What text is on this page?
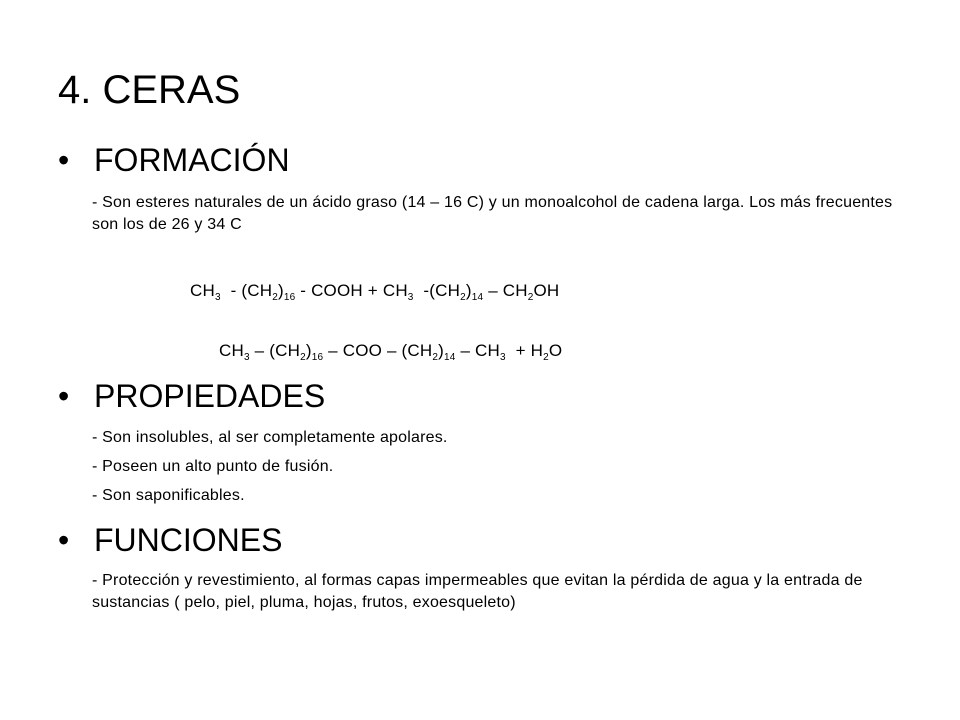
4. CERAS
• FORMACIÓN
- Son esteres naturales de un ácido graso (14 – 16 C) y un monoalcohol de cadena larga. Los más frecuentes son los de 26 y 34 C
$CH_3 - (CH_2)_{16}$ - COOH + $CH_3$  $-(CH_2)_{14} - CH_2OH$
$CH_3 - (CH_2)_{16}$ – COO – $(CH_2)_{14} - CH_3 + H_2O$
• PROPIEDADES
- Son insolubles, al ser completamente apolares.
- Poseen un alto punto de fusión.
- Son saponificables.
• FUNCIONES
- Protección y revestimiento, al formas capas impermeables que evitan la pérdida de agua y la entrada de sustancias ( pelo, piel, pluma, hojas, frutos, exoesqueleto)
